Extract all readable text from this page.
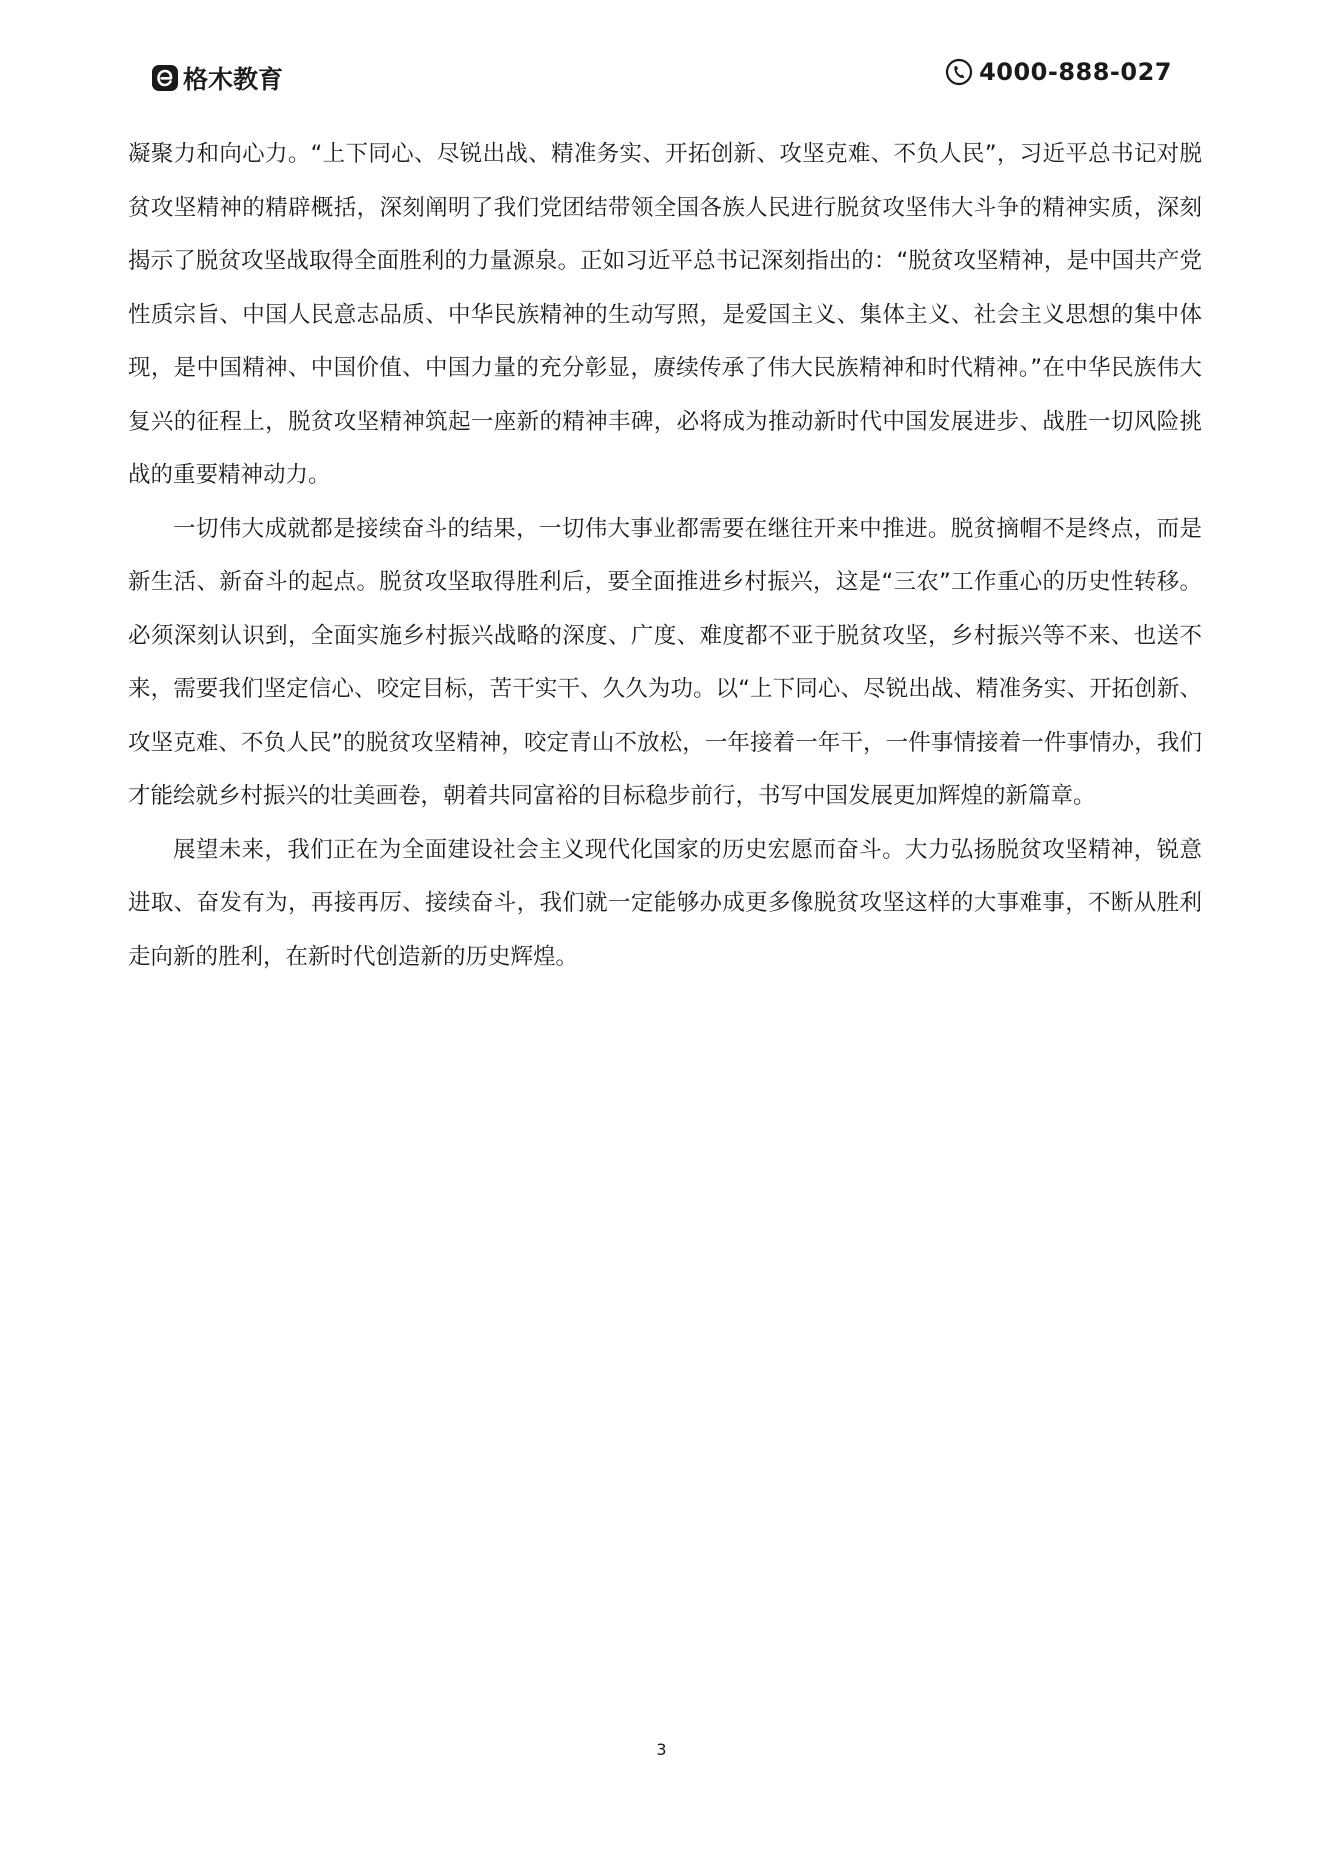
格木教育	4000-888-027

凝聚力和向心力。“上下同心、尽锐出战、精准务实、开拓创新、攻坚克难、不负人民”，习近平总书记对脱贫攻坚精神的精辟概括，深刻阐明了我们党团结带领全国各族人民进行脱贫攻坚伟大斗争的精神实质，深刻揭示了脱贫攻坚战取得全面胜利的力量源泉。正如习近平总书记深刻指出的：“脱贫攻坚精神，是中国共产党性质宗旨、中国人民意志品质、中华民族精神的生动写照，是爱国主义、集体主义、社会主义思想的集中体现，是中国精神、中国价值、中国力量的充分彰显，赓续传承了伟大民族精神和时代精神。”在中华民族伟大复兴的征程上，脱贫攻坚精神筑起一座新的精神丰碑，必将成为推动新时代中国发展进步、战胜一切风险挑战的重要精神动力。

一切伟大成就都是接续奋斗的结果，一切伟大事业都需要在继往开来中推进。脱贫摘帽不是终点，而是新生活、新奋斗的起点。脱贫攻坚取得胜利后，要全面推进乡村振兴，这是“三农”工作重心的历史性转移。必须深刻认识到，全面实施乡村振兴战略的深度、广度、难度都不亚于脱贫攻坚，乡村振兴等不来、也送不来，需要我们坚定信心、咬定目标，苦干实干、久久为功。以“上下同心、尽锐出战、精准务实、开拓创新、攻坚克难、不负人民”的脱贫攻坚精神，咬定青山不放松，一年接着一年干，一件事情接着一件事情办，我们才能绘就乡村振兴的壮美画卷，朝着共同富裕的目标稳步前行，书写中国发展更加辉煌的新篇章。

展望未来，我们正在为全面建设社会主义现代化国家的历史宏愿而奋斗。大力弘扬脱贫攻坚精神，锐意进取、奋发有为，再接再厉、接续奋斗，我们就一定能够办成更多像脱贫攻坚这样的大事难事，不断从胜利走向新的胜利，在新时代创造新的历史辉煌。

3
